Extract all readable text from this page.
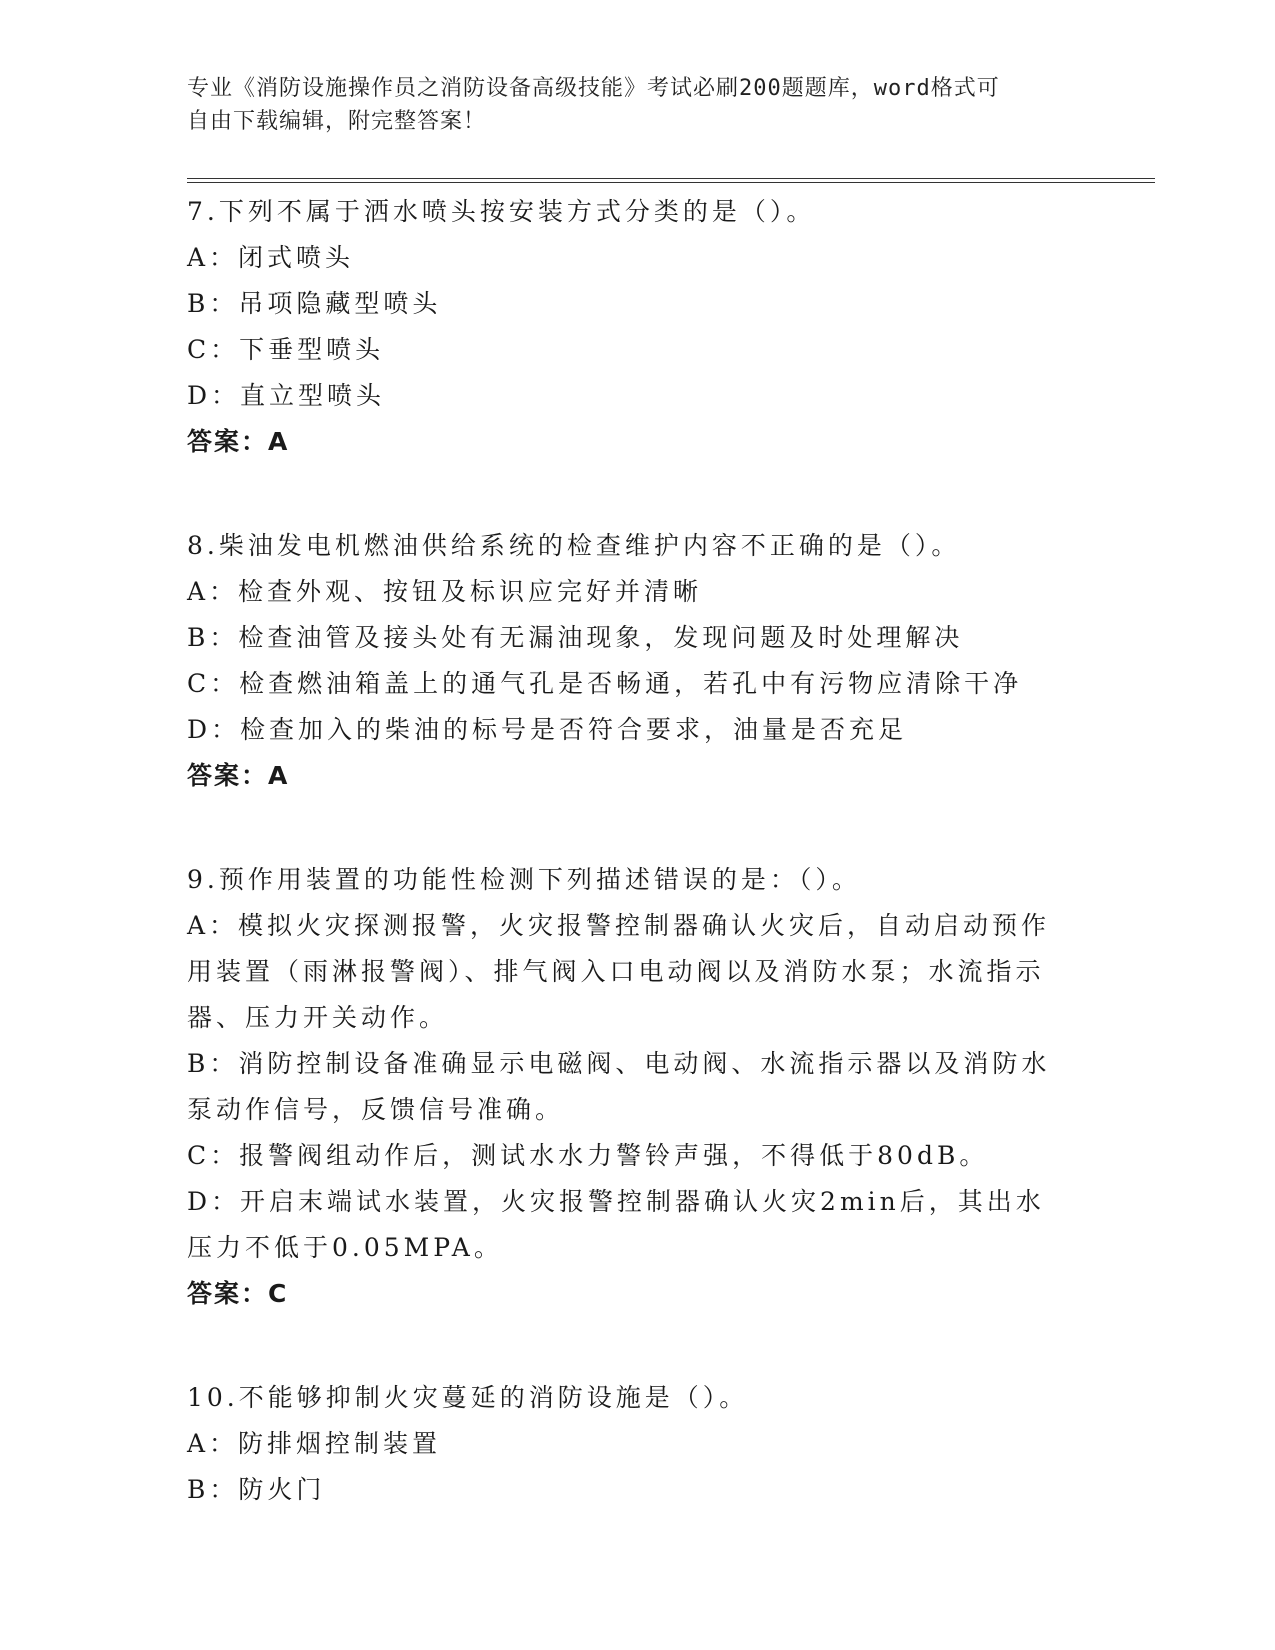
专业《消防设施操作员之消防设备高级技能》考试必刷200题题库，word格式可
自由下载编辑，附完整答案！

7.下列不属于洒水喷头按安装方式分类的是（）。

A：闭式喷头

B：吊项隐藏型喷头

C：下垂型喷头

D：直立型喷头

答案：A

8.柴油发电机燃油供给系统的检查维护内容不正确的是（）。

A：检查外观、按钮及标识应完好并清晰

B：检查油管及接头处有无漏油现象，发现问题及时处理解决

C：检查燃油箱盖上的通气孔是否畅通，若孔中有污物应清除干净

D：检查加入的柴油的标号是否符合要求，油量是否充足

答案：A

9.预作用装置的功能性检测下列描述错误的是：（）。

A：模拟火灾探测报警，火灾报警控制器确认火灾后，自动启动预作用装置（雨淋报警阀）、排气阀入口电动阀以及消防水泵；水流指示器、压力开关动作。

B：消防控制设备准确显示电磁阀、电动阀、水流指示器以及消防水泵动作信号，反馈信号准确。

C：报警阀组动作后，测试水水力警铃声强，不得低于80dB。

D：开启末端试水装置，火灾报警控制器确认火灾2min后，其出水压力不低于0.05MPA。

答案：C

10.不能够抑制火灾蔓延的消防设施是（）。

A：防排烟控制装置

B：防火门
